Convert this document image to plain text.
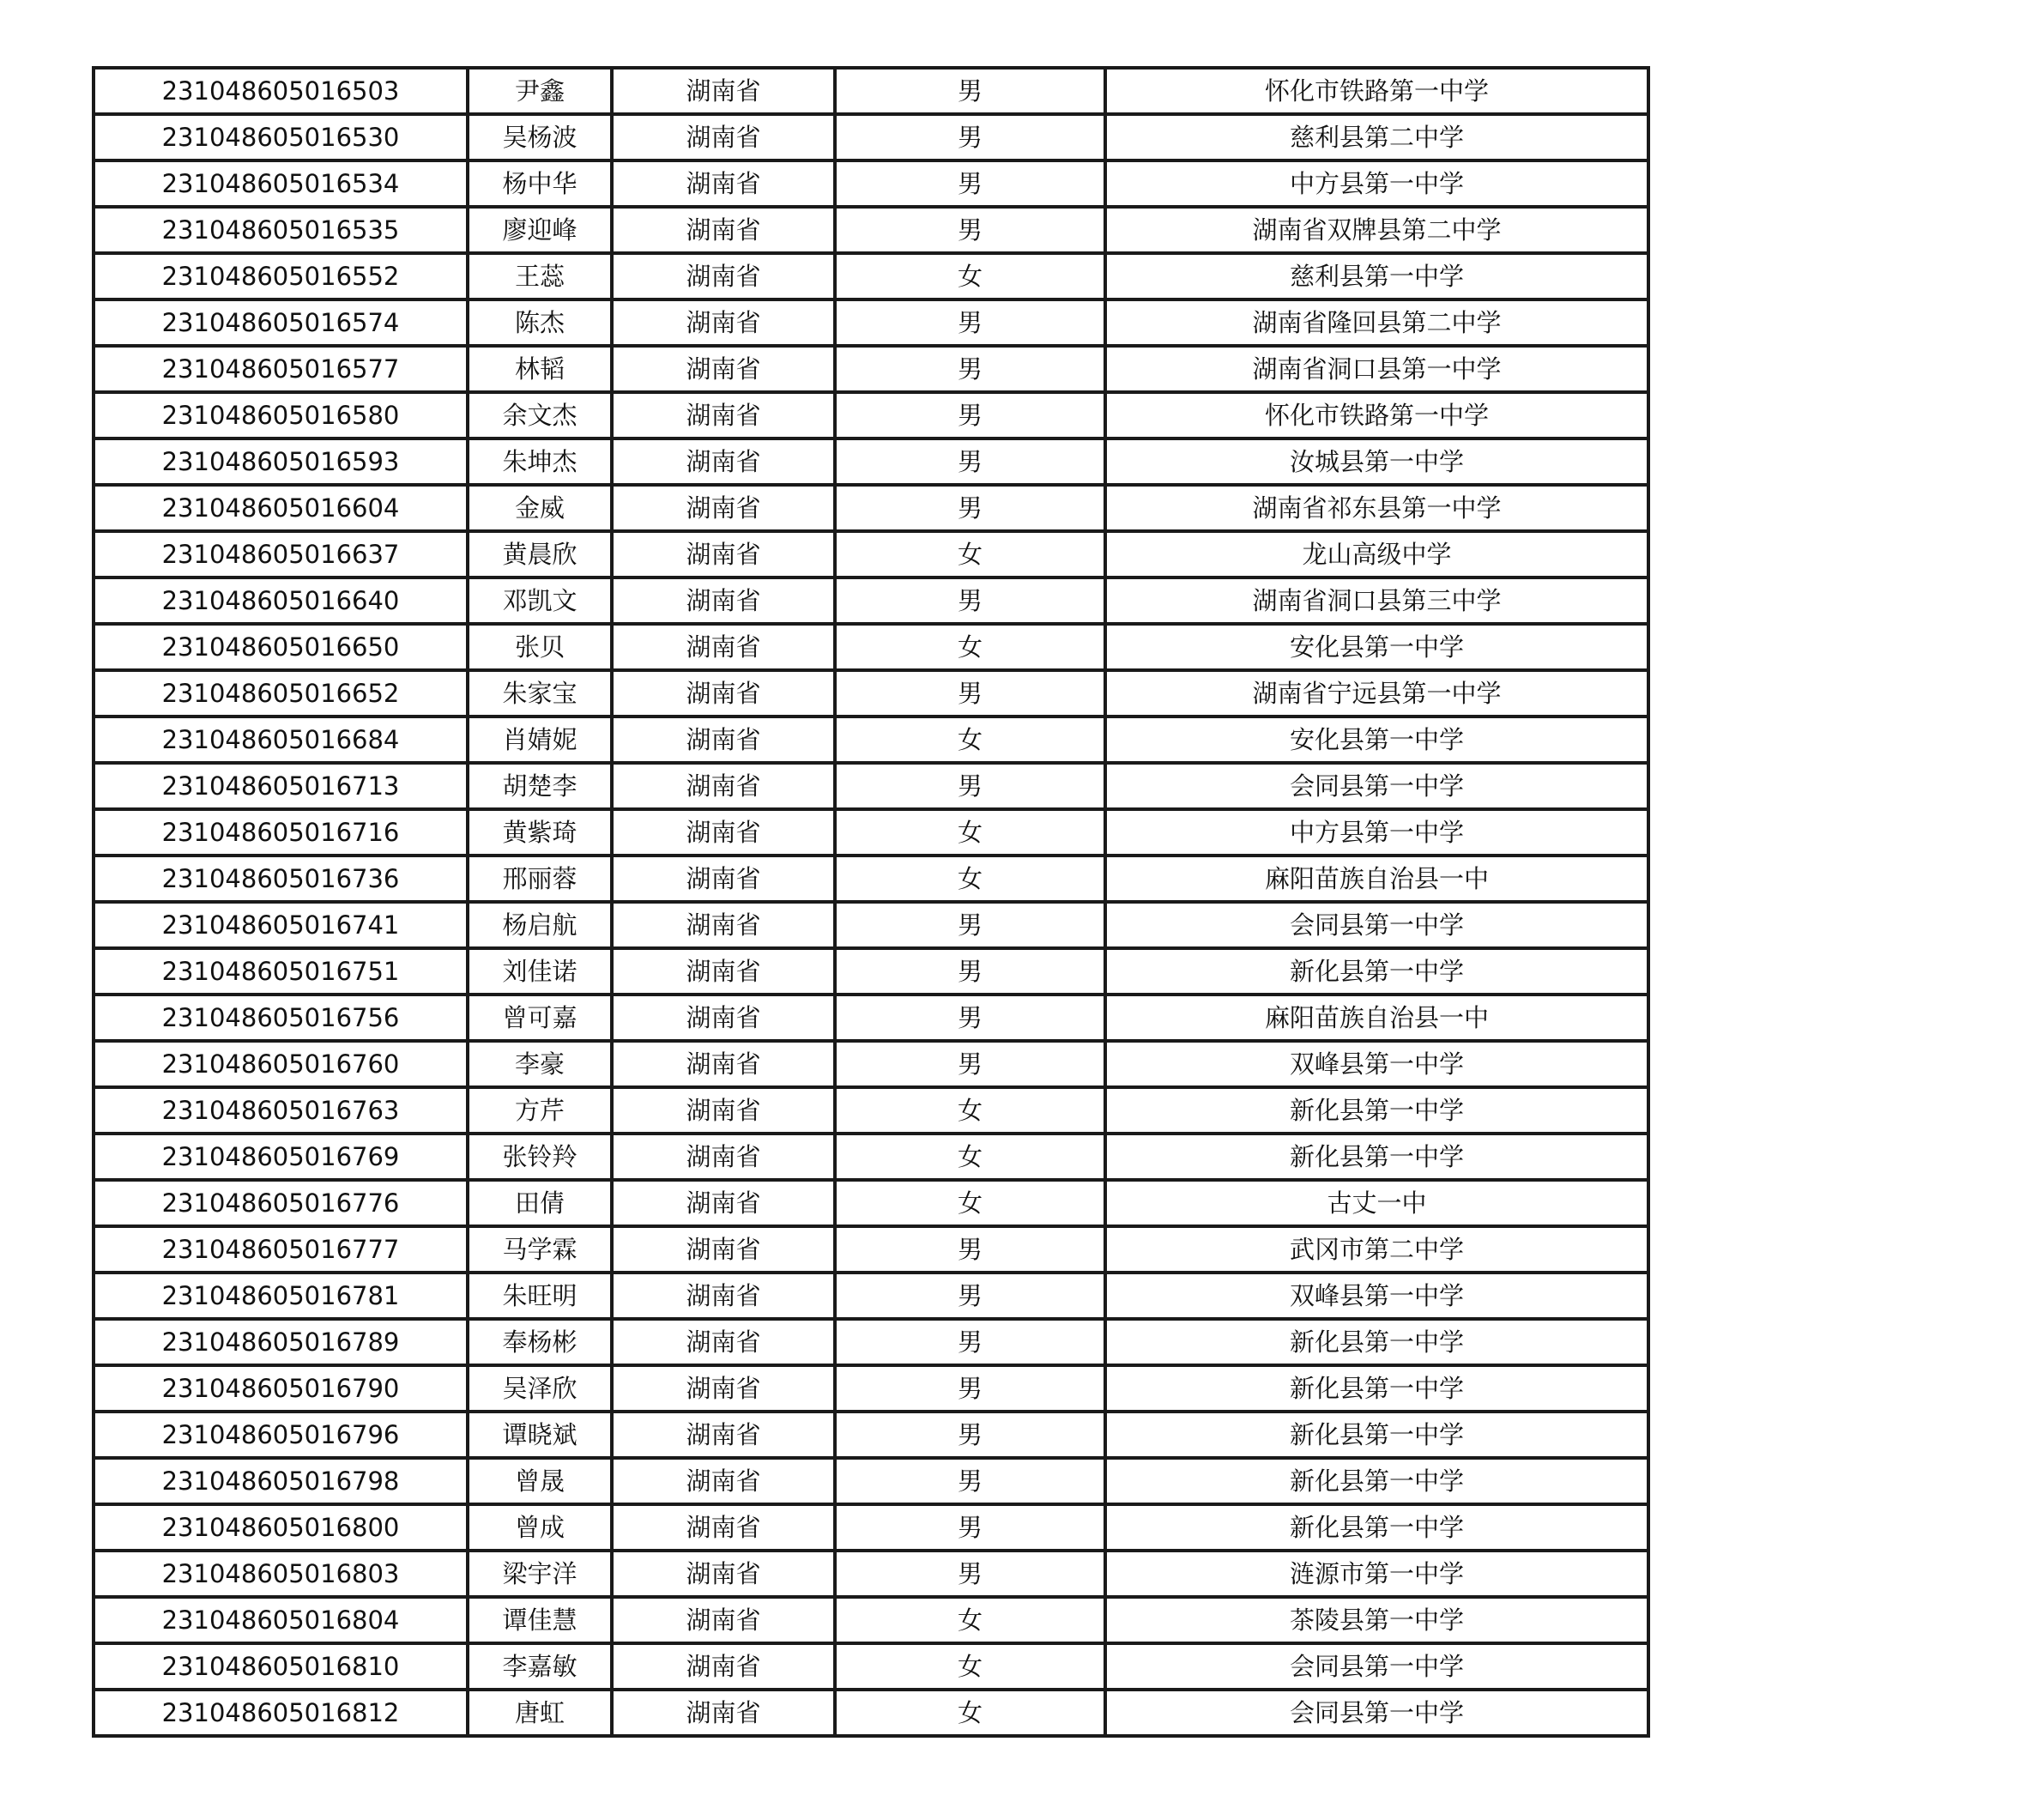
231048605016503	尹鑫	湖南省	男	怀化市铁路第一中学
231048605016530	吴杨波	湖南省	男	慈利县第二中学
231048605016534	杨中华	湖南省	男	中方县第一中学
231048605016535	廖迎峰	湖南省	男	湖南省双牌县第二中学
231048605016552	王蕊	湖南省	女	慈利县第一中学
231048605016574	陈杰	湖南省	男	湖南省隆回县第二中学
231048605016577	林韬	湖南省	男	湖南省洞口县第一中学
231048605016580	余文杰	湖南省	男	怀化市铁路第一中学
231048605016593	朱坤杰	湖南省	男	汝城县第一中学
231048605016604	金威	湖南省	男	湖南省祁东县第一中学
231048605016637	黄晨欣	湖南省	女	龙山高级中学
231048605016640	邓凯文	湖南省	男	湖南省洞口县第三中学
231048605016650	张贝	湖南省	女	安化县第一中学
231048605016652	朱家宝	湖南省	男	湖南省宁远县第一中学
231048605016684	肖婧妮	湖南省	女	安化县第一中学
231048605016713	胡楚李	湖南省	男	会同县第一中学
231048605016716	黄紫琦	湖南省	女	中方县第一中学
231048605016736	邢丽蓉	湖南省	女	麻阳苗族自治县一中
231048605016741	杨启航	湖南省	男	会同县第一中学
231048605016751	刘佳诺	湖南省	男	新化县第一中学
231048605016756	曾可嘉	湖南省	男	麻阳苗族自治县一中
231048605016760	李豪	湖南省	男	双峰县第一中学
231048605016763	方芹	湖南省	女	新化县第一中学
231048605016769	张铃羚	湖南省	女	新化县第一中学
231048605016776	田倩	湖南省	女	古丈一中
231048605016777	马学霖	湖南省	男	武冈市第二中学
231048605016781	朱旺明	湖南省	男	双峰县第一中学
231048605016789	奉杨彬	湖南省	男	新化县第一中学
231048605016790	吴泽欣	湖南省	男	新化县第一中学
231048605016796	谭晓斌	湖南省	男	新化县第一中学
231048605016798	曾晟	湖南省	男	新化县第一中学
231048605016800	曾成	湖南省	男	新化县第一中学
231048605016803	梁宇洋	湖南省	男	涟源市第一中学
231048605016804	谭佳慧	湖南省	女	茶陵县第一中学
231048605016810	李嘉敏	湖南省	女	会同县第一中学
231048605016812	唐虹	湖南省	女	会同县第一中学
